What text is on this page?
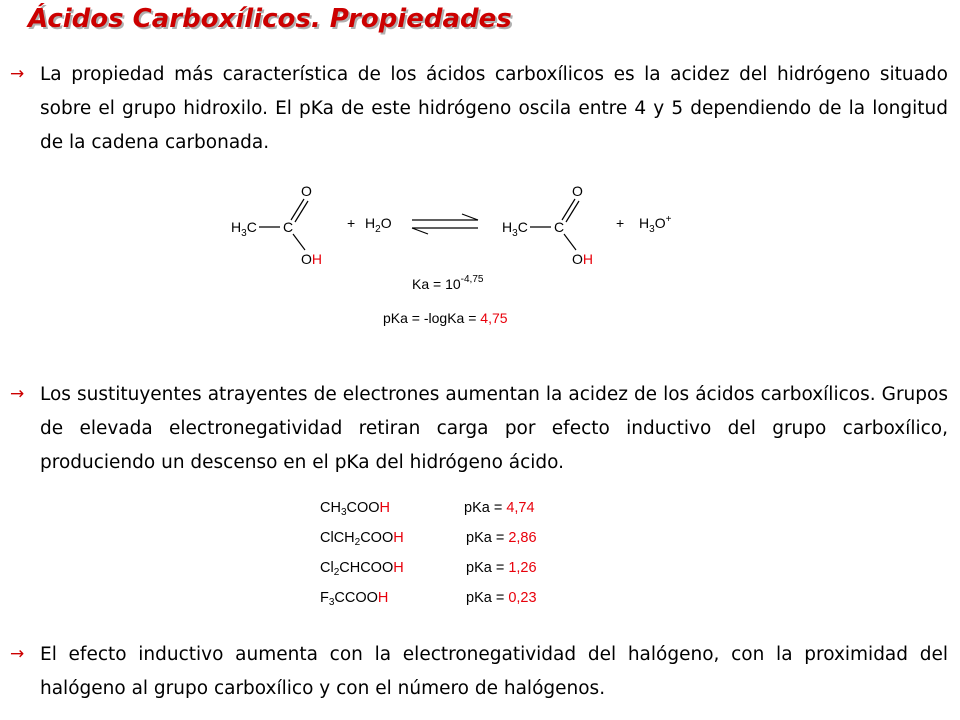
Ácidos Carboxílicos. Propiedades
→ La propiedad más característica de los ácidos carboxílicos es la acidez del hidrógeno situado sobre el grupo hidroxilo. El pKa de este hidrógeno oscila entre 4 y 5 dependiendo de la longitud de la cadena carbonada.
$H_3C$ C
O
OH
+ $H_2O$	$H_3C$ C
O
OH
+ $H_3O^+$
$Ka = 10^{-4,75}$
pKa = -logKa = 4,75
→ Los sustituyentes atrayentes de electrones aumentan la acidez de los ácidos carboxílicos. Grupos de elevada electronegatividad retiran carga por efecto inductivo del grupo carboxílico, produciendo un descenso en el pKa del hidrógeno ácido.
$CH_3COOH$	pKa = 4,74
ClCH$_2$COOH	pKa = 2,86
$Cl_2CHCOOH$	pKa = 1,26
$F_3CCOOH$	pKa = 0,23
→ El efecto inductivo aumenta con la electronegatividad del halógeno, con la proximidad del halógeno al grupo carboxílico y con el número de halógenos.
